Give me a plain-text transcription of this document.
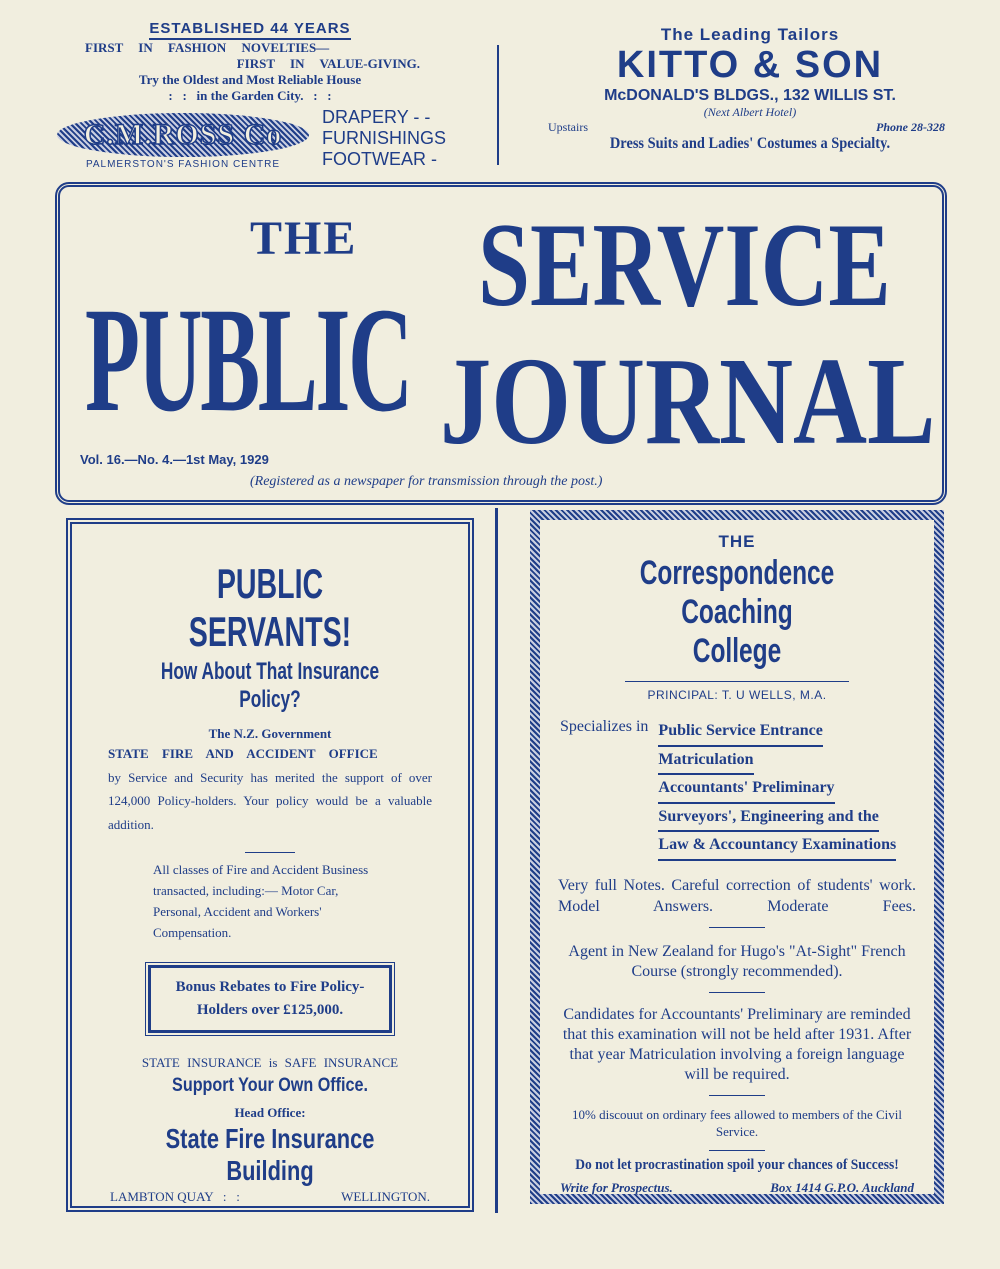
ESTABLISHED 44 YEARS
FIRST IN FASHION NOVELTIES—
FIRST IN VALUE-GIVING.
Try the Oldest and Most Reliable House
:   :   in the Garden City.   :   :
C.M.ROSS Co
PALMERSTON'S FASHION CENTRE
DRAPERY - -
FURNISHINGS
FOOTWEAR -
The Leading Tailors
KITTO & SON
McDONALD'S BLDGS., 132 WILLIS ST.
(Next Albert Hotel)
Upstairs	Phone 28-328
Dress Suits and Ladies' Costumes a Specialty.
THE
PUBLIC
SERVICE
JOURNAL
Vol. 16.—No. 4.—1st May, 1929
(Registered as a newspaper for transmission through the post.)
PUBLIC SERVANTS!
How About That Insurance Policy?
The N.Z. Government
STATE FIRE AND ACCIDENT OFFICE
by Service and Security has merited the support of over 124,000 Policy-holders. Your policy would be a valuable addition.
All classes of Fire and Accident Business transacted, including:— Motor Car, Personal, Accident and Workers' Compensation.
Bonus Rebates to Fire Policy-Holders over £125,000.
STATE INSURANCE is SAFE INSURANCE
Support Your Own Office.
Head Office:
State Fire Insurance Building
LAMBTON QUAY   :   :	WELLINGTON.
THE
Correspondence Coaching
College
PRINCIPAL: T. U WELLS, M.A.
Specializes in Public Service Entrance
Matriculation
Accountants' Preliminary
Surveyors', Engineering and the
Law & Accountancy Examinations
Very full Notes. Careful correction of students' work. Model Answers. Moderate Fees.
Agent in New Zealand for Hugo's "At-Sight" French Course (strongly recommended).
Candidates for Accountants' Preliminary are reminded that this examination will not be held after 1931. After that year Matriculation involving a foreign language will be required.
10% discouut on ordinary fees allowed to members of the Civil Service.
Do not let procrastination spoil your chances of Success!
Write for Prospectus.	Box 1414 G.P.O. Auckland
